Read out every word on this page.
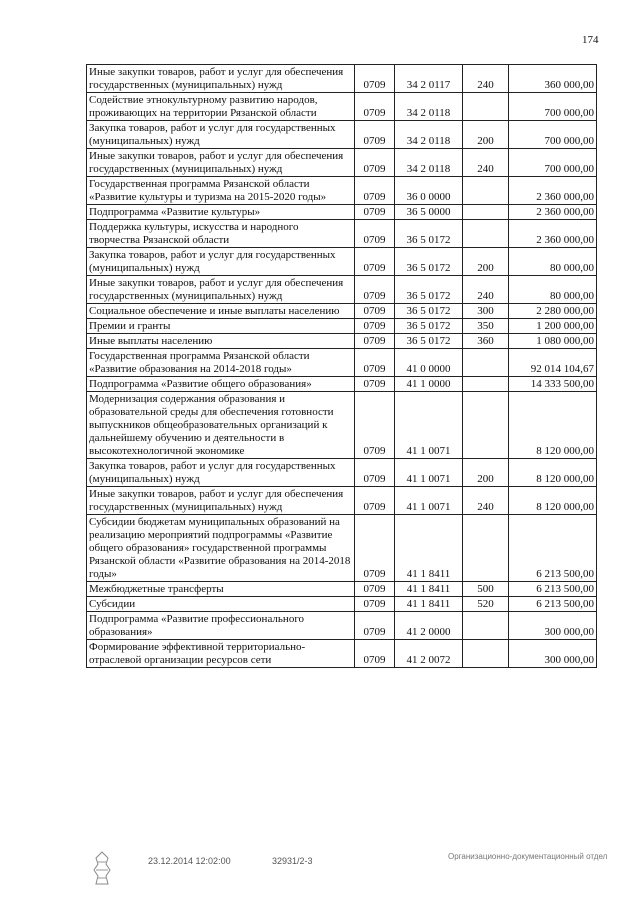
174
Иные закупки товаров, работ и услуг для обеспечения государственных (муниципальных) нужд	0709	34 2 0117	240	360 000,00
Содействие этнокультурному развитию народов, проживающих на территории Рязанской области	0709	34 2 0118		700 000,00
Закупка товаров, работ и услуг для государственных (муниципальных) нужд	0709	34 2 0118	200	700 000,00
Иные закупки товаров, работ и услуг для обеспечения государственных (муниципальных) нужд	0709	34 2 0118	240	700 000,00
Государственная программа Рязанской области «Развитие культуры и туризма на 2015-2020 годы»	0709	36 0 0000		2 360 000,00
Подпрограмма «Развитие культуры»	0709	36 5 0000		2 360 000,00
Поддержка культуры, искусства и народного творчества Рязанской области	0709	36 5 0172		2 360 000,00
Закупка товаров, работ и услуг для государственных (муниципальных) нужд	0709	36 5 0172	200	80 000,00
Иные закупки товаров, работ и услуг для обеспечения государственных (муниципальных) нужд	0709	36 5 0172	240	80 000,00
Социальное обеспечение и иные выплаты населению	0709	36 5 0172	300	2 280 000,00
Премии и гранты	0709	36 5 0172	350	1 200 000,00
Иные выплаты населению	0709	36 5 0172	360	1 080 000,00
Государственная программа Рязанской области «Развитие образования на 2014-2018 годы»	0709	41 0 0000		92 014 104,67
Подпрограмма «Развитие общего образования»	0709	41 1 0000		14 333 500,00
Модернизация содержания образования и образовательной среды для обеспечения готовности выпускников общеобразовательных организаций к дальнейшему обучению и деятельности в высокотехнологичной экономике	0709	41 1 0071		8 120 000,00
Закупка товаров, работ и услуг для государственных (муниципальных) нужд	0709	41 1 0071	200	8 120 000,00
Иные закупки товаров, работ и услуг для обеспечения государственных (муниципальных) нужд	0709	41 1 0071	240	8 120 000,00
Субсидии бюджетам муниципальных образований на реализацию мероприятий подпрограммы «Развитие общего образования» государственной программы Рязанской области «Развитие образования на 2014-2018 годы»	0709	41 1 8411		6 213 500,00
Межбюджетные трансферты	0709	41 1 8411	500	6 213 500,00
Субсидии	0709	41 1 8411	520	6 213 500,00
Подпрограмма «Развитие профессионального образования»	0709	41 2 0000		300 000,00
Формирование эффективной территориально-отраслевой организации ресурсов сети	0709	41 2 0072		300 000,00
23.12.2014 12:02:00	32931/2-3	Организационно-документационный отдел
